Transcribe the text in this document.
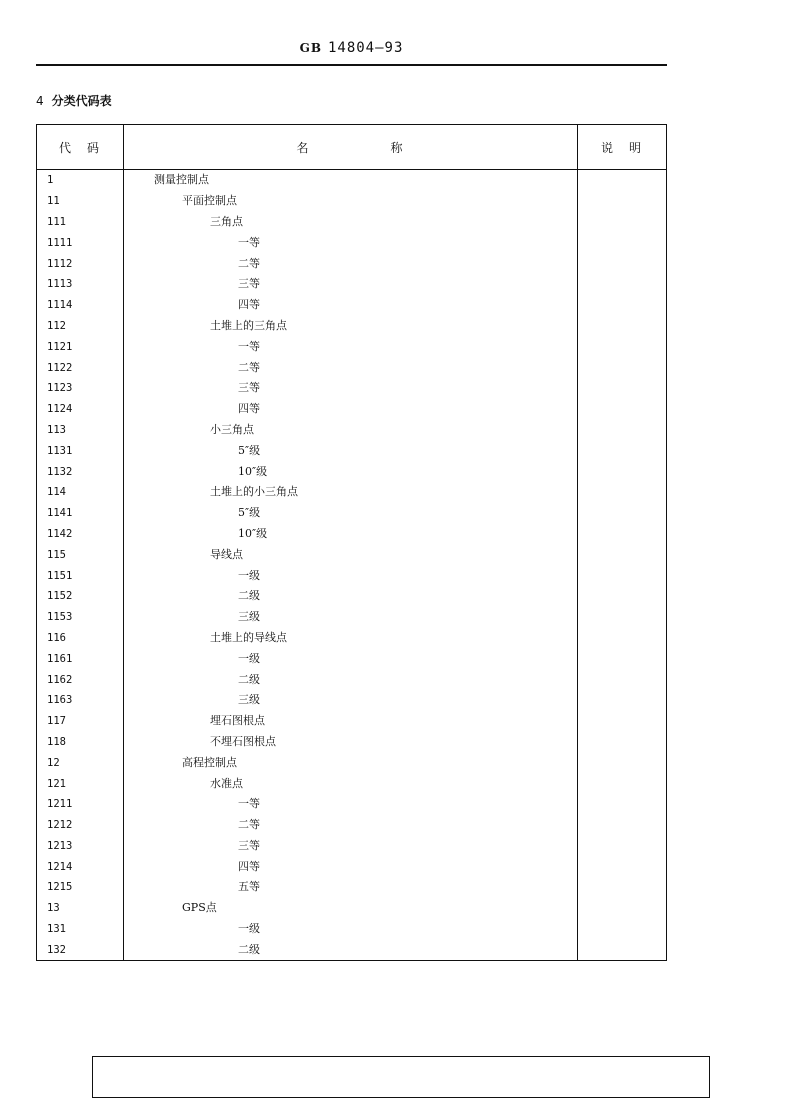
GB 14804—93
4 分类代码表
代 码	名 称	说 明
1	测量控制点	
11	平面控制点	
111	三角点	
1111	一等	
1112	二等	
1113	三等	
1114	四等	
112	土堆上的三角点	
1121	一等	
1122	二等	
1123	三等	
1124	四等	
113	小三角点	
1131	5″级	
1132	10″级	
114	土堆上的小三角点	
1141	5″级	
1142	10″级	
115	导线点	
1151	一级	
1152	二级	
1153	三级	
116	土堆上的导线点	
1161	一级	
1162	二级	
1163	三级	
117	埋石图根点	
118	不埋石图根点	
12	高程控制点	
121	水准点	
1211	一等	
1212	二等	
1213	三等	
1214	四等	
1215	五等	
13	GPS点	
131	一级	
132	二级	
